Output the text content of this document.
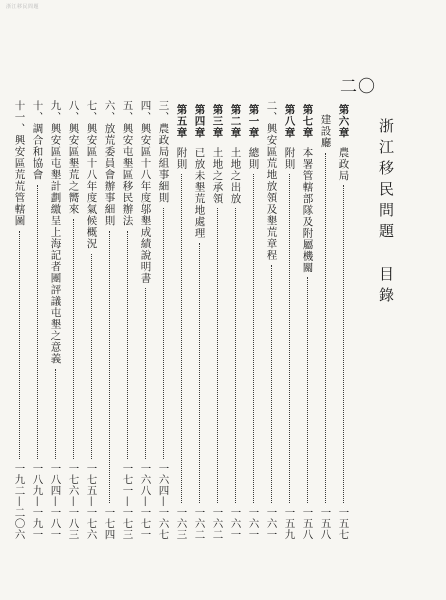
浙江移民問題
二〇
浙江移民問題目錄
第六章
農政局
一五七
建設廳
一五八
第七章
本署管轄部隊及附屬機關
一五八
第八章
附則
一五九
二、興安區荒地放領及墾荒章程
一六一
第一章
總則
一六一
第二章
土地之出放
一六一
第三章
土地之承領
一六二
第四章
已放未墾荒地處理
一六二
第五章
附則
一六三
三、農政局組事細則
一六四—一六七
四、興安區十八年度邬墾成績說明書
一六八—一七一
五、興安屯墾區移民辦法
一七一—一七三
六、放荒委員會辦事細則
一七四
七、興安區十八年度氣候概況
一七五—一七六
八、興安區墾荒之嚮來
一七六—一八三
九、興安區屯墾計劃繳呈上海記者團評議屯墾之意義
一八四—一八一
十、調合和協會
一八九—一九一
十一、興安區荒荒管轄圖
一九二—二〇六
